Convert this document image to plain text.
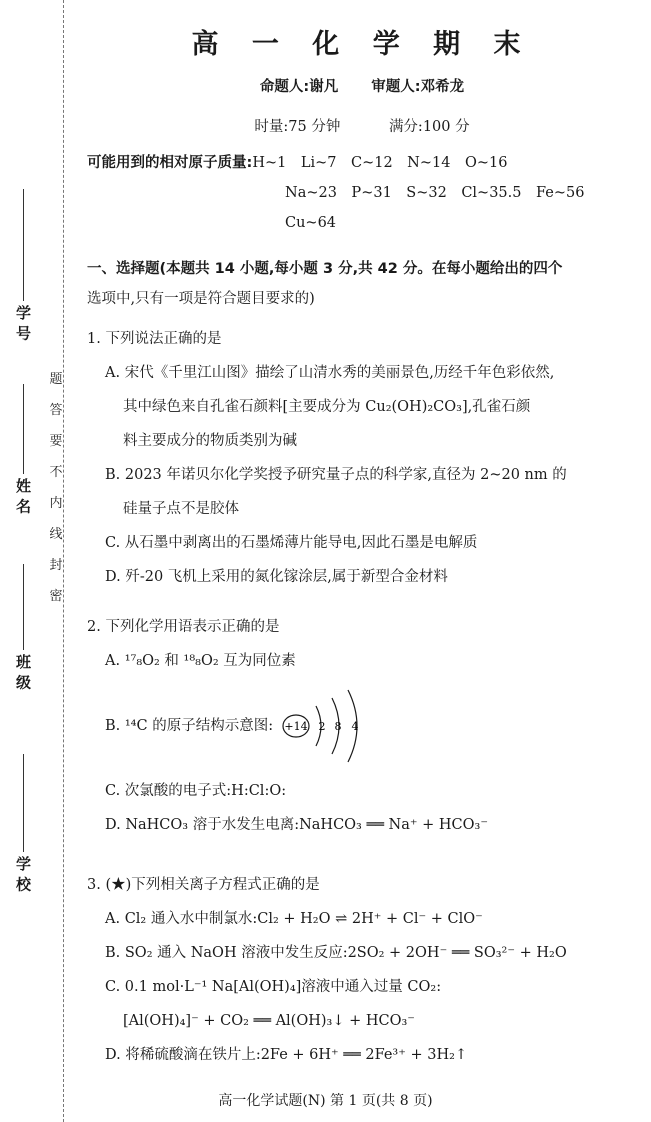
学 号
姓 名
班 级
学 校
题
答
要
不
内
线
封
密
高 一 化 学 期 末
命题人:谢凡 审题人:邓希龙
时量:75 分钟	满分:100 分
可能用到的相对原子质量:H~1　Li~7　C~12　N~14　O~16
Na~23　P~31　S~32　Cl~35.5　Fe~56
Cu~64
一、选择题(本题共 14 小题,每小题 3 分,共 42 分。在每小题给出的四个
选项中,只有一项是符合题目要求的)
1. 下列说法正确的是
A. 宋代《千里江山图》描绘了山清水秀的美丽景色,历经千年色彩依然,
其中绿色来自孔雀石颜料[主要成分为 Cu₂(OH)₂CO₃],孔雀石颜
料主要成分的物质类别为碱
B. 2023 年诺贝尔化学奖授予研究量子点的科学家,直径为 2~20 nm 的
硅量子点不是胶体
C. 从石墨中剥离出的石墨烯薄片能导电,因此石墨是电解质
D. 歼-20 飞机上采用的氮化镓涂层,属于新型合金材料
2. 下列化学用语表示正确的是
A. ¹⁷₈O₂ 和 ¹⁸₈O₂ 互为同位素
B. ¹⁴C 的原子结构示意图: +14 2 8 4
C. 次氯酸的电子式:H:Cl:O:
D. NaHCO₃ 溶于水发生电离:NaHCO₃ ══ Na⁺ + HCO₃⁻
3. (★)下列相关离子方程式正确的是
A. Cl₂ 通入水中制氯水:Cl₂ + H₂O ⇌ 2H⁺ + Cl⁻ + ClO⁻
B. SO₂ 通入 NaOH 溶液中发生反应:2SO₂ + 2OH⁻ ══ SO₃²⁻ + H₂O
C. 0.1 mol·L⁻¹ Na[Al(OH)₄]溶液中通入过量 CO₂:
[Al(OH)₄]⁻ + CO₂ ══ Al(OH)₃↓ + HCO₃⁻
D. 将稀硫酸滴在铁片上:2Fe + 6H⁺ ══ 2Fe³⁺ + 3H₂↑
高一化学试题(N) 第 1 页(共 8 页)
